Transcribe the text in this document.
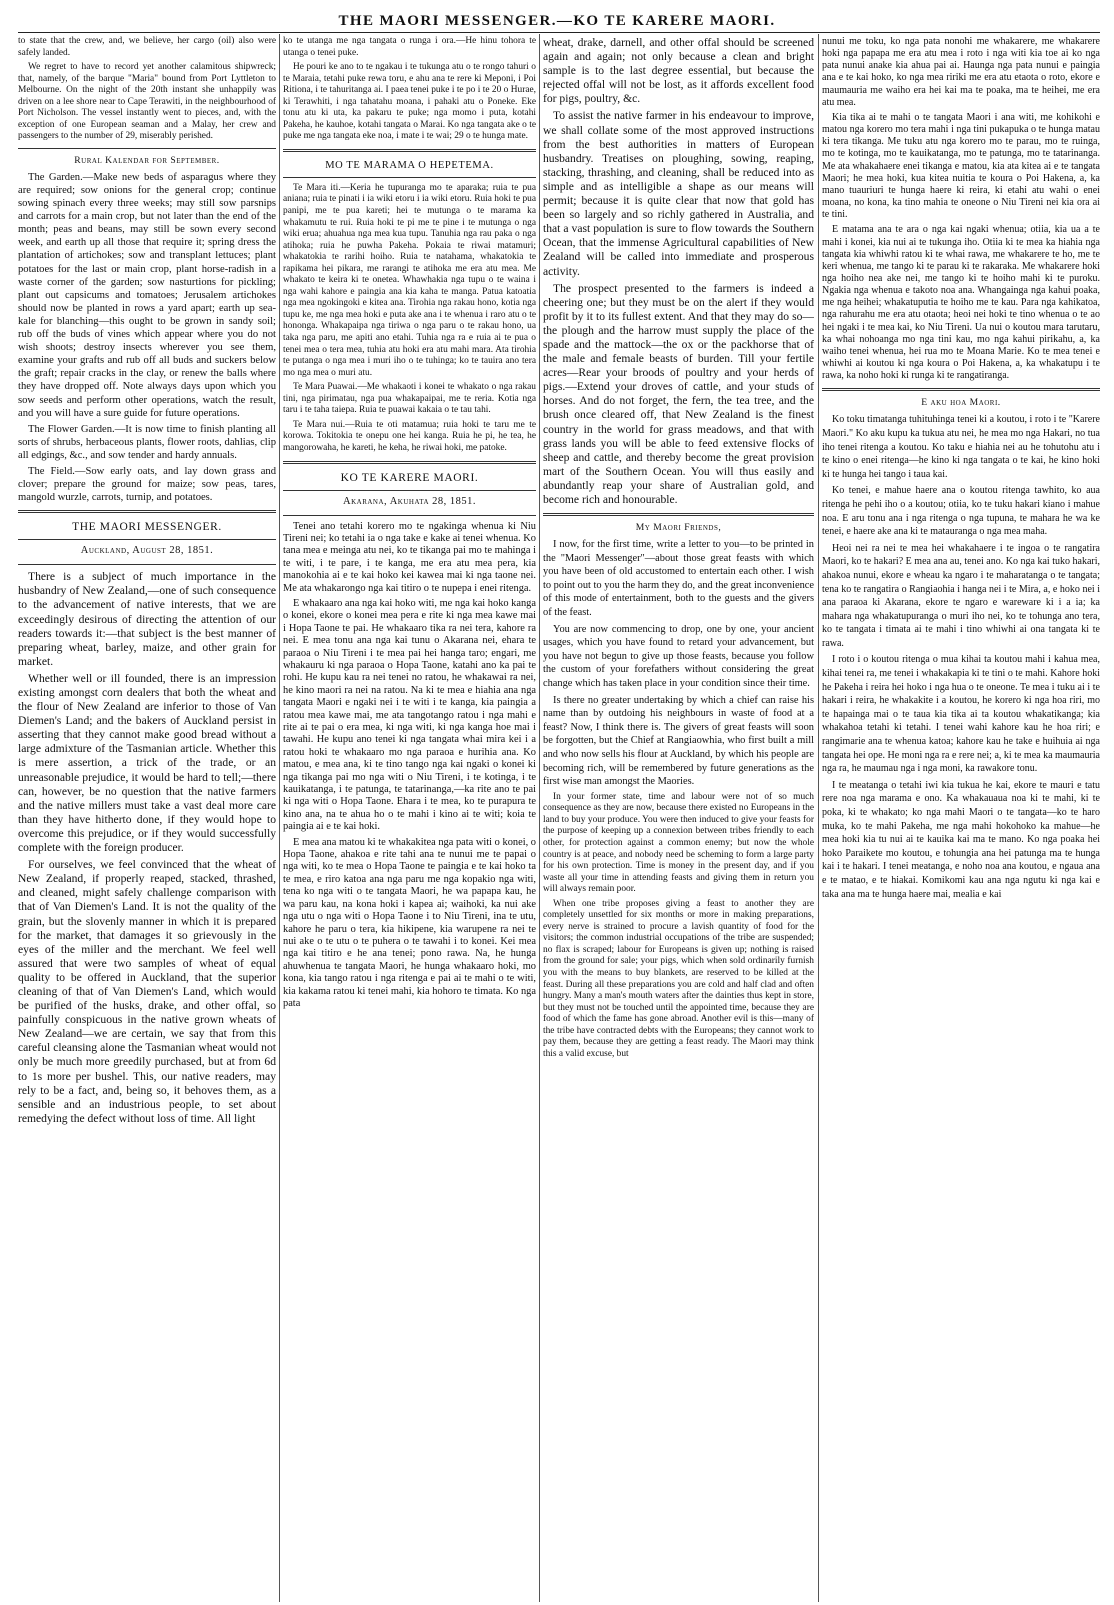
THE MAORI MESSENGER.—KO TE KARERE MAORI.

to state that the crew, and, we believe, her cargo (oil) also were safely landed.

We regret to have to record yet another calamitous shipwreck; that, namely, of the barque "Maria" bound from Port Lyttleton to Melbourne. On the night of the 20th instant she unhappily was driven on a lee shore near to Cape Terawiti, in the neighbourhood of Port Nicholson. The vessel instantly went to pieces, and, with the exception of one European seaman and a Malay, her crew and passengers to the number of 29, miserably perished.

Rural Kalendar for September.

The Garden.—Make new beds of asparagus where they are required; sow onions for the general crop; continue sowing spinach every three weeks; may still sow parsnips and carrots for a main crop, but not later than the end of the month; peas and beans, may still be sown every second week, and earth up all those that require it; spring dress the plantation of artichokes; sow and transplant lettuces; plant potatoes for the last or main crop, plant horse-radish in a waste corner of the garden; sow nasturtions for pickling; plant out capsicums and tomatoes; Jerusalem artichokes should now be planted in rows a yard apart; earth up sea-kale for blanching—this ought to be grown in sandy soil; rub off the buds of vines which appear where you do not wish shoots; destroy insects wherever you see them, examine your grafts and rub off all buds and suckers below the graft; repair cracks in the clay, or renew the balls where they have dropped off. Note always days upon which you sow seeds and perform other operations, watch the result, and you will have a sure guide for future operations.

The Flower Garden.—It is now time to finish planting all sorts of shrubs, herbaceous plants, flower roots, dahlias, clip all edgings, &c., and sow tender and hardy annuals.

The Field.—Sow early oats, and lay down grass and clover; prepare the ground for maize; sow peas, tares, mangold wurzle, carrots, turnip, and potatoes.

THE MAORI MESSENGER.
Auckland, August 28, 1851.

There is a subject of much importance in the husbandry of New Zealand,—one of such consequence to the advancement of native interests, that we are exceedingly desirous of directing the attention of our readers towards it:—that subject is the best manner of preparing wheat, barley, maize, and other grain for market.

Whether well or ill founded, there is an impression existing amongst corn dealers that both the wheat and the flour of New Zealand are inferior to those of Van Diemen's Land; and the bakers of Auckland persist in asserting that they cannot make good bread without a large admixture of the Tasmanian article. Whether this is mere assertion, a trick of the trade, or an unreasonable prejudice, it would be hard to tell;—there can, however, be no question that the native farmers and the native millers must take a vast deal more care than they have hitherto done, if they would hope to overcome this prejudice, or if they would successfully complete with the foreign producer.

For ourselves, we feel convinced that the wheat of New Zealand, if properly reaped, stacked, thrashed, and cleaned, might safely challenge comparison with that of Van Diemen's Land. It is not the quality of the grain, but the slovenly manner in which it is prepared for the market, that damages it so grievously in the eyes of the miller and the merchant. We feel well assured that were two samples of wheat of equal quality to be offered in Auckland, that the superior cleaning of that of Van Diemen's Land, which would be purified of the husks, drake, and other offal, so painfully conspicuous in the native grown wheats of New Zealand—we are certain, we say that from this careful cleansing alone the Tasmanian wheat would not only be much more greedily purchased, but at from 6d to 1s more per bushel. This, our native readers, may rely to be a fact, and, being so, it behoves them, as a sensible and an industrious people, to set about remedying the defect without loss of time. All light

ko te utanga me nga tangata o runga i ora.—He hinu tohora te utanga o tenei puke.

He pouri ke ano to te ngakau i te tukunga atu o te rongo tahuri o te Maraia, tetahi puke rewa toru, e ahu ana te rere ki Meponi, i Poi Ritiona, i te tahuritanga ai. I paea tenei puke i te po i te 20 o Hurae, ki Terawhiti, i nga tahatahu moana, i pahaki atu o Poneke. Eke tonu atu ki uta, ka pakaru te puke; nga momo i puta, kotahi Pakeha, he kauhoe, kotahi tangata o Marai. Ko nga tangata ake o te puke me nga tangata eke noa, i mate i te wai; 29 o te hunga mate.

MO TE MARAMA O HEPETEMA.

Te Mara iti.—Keria he tupuranga mo te aparaka; ruia te pua aniana; ruia te pinati i ia wiki etoru i ia wiki etoru. Ruia hoki te pua panipi, me te pua kareti; hei te mutunga o te marama ka whakamutu te rui. Ruia hoki te pi me te pine i te mutunga o nga wiki erua; ahuahua nga mea kua tupu. Tanuhia nga rau paka o nga atihoka; ruia he puwha Pakeha. Pokaia te riwai matamuri; whakatokia te rarihi hoiho. Ruia te natahama, whakatokia te rapikama hei pikara, me rarangi te atihoka me era atu mea. Me whakato te keira ki te onetea. Whawhakia nga tupu o te waina i nga wahi kahore e paingia ana kia kaha te manga. Patua katoatia nga mea ngokingoki e kitea ana. Tirohia nga rakau hono, kotia nga tupu ke, me nga mea hoki e puta ake ana i te whenua i raro atu o te hononga. Whakapaipa nga tiriwa o nga paru o te rakau hono, ua taka nga paru, me apiti ano etahi. Tuhia nga ra e ruia ai te pua o tenei mea o tera mea, tuhia atu hoki era atu mahi mara. Ata tirohia te putanga o nga mea i muri iho o te tuhinga; ko te tauira ano tera mo nga mea o muri atu.

Te Mara Puawai.—Me whakaoti i konei te whakato o nga rakau tini, nga pirimatau, nga pua whakapaipai, me te reria. Kotia nga taru i te taha taiepa. Ruia te puawai kakaia o te tau tahi.

Te Mara nui.—Ruia te oti matamua; ruia hoki te taru me te korowa. Tokitokia te onepu one hei kanga. Ruia he pi, he tea, he mangorowaha, he kareti, he keha, he riwai hoki, me patoke.

KO TE KARERE MAORI.
Akarana, Akuhata 28, 1851.

Tenei ano tetahi korero mo te ngakinga whenua ki Niu Tireni nei; ko tetahi ia o nga take e kake ai tenei whenua. Ko tana mea e meinga atu nei, ko te tikanga pai mo te mahinga i te witi, i te pare, i te kanga, me era atu mea pera, kia manokohia ai e te kai hoko kei kawea mai ki nga taone nei. Me ata whakarongo nga kai titiro o te nupepa i enei ritenga.

E whakaaro ana nga kai hoko witi, me nga kai hoko kanga o konei, ekore o konei mea pera e rite ki nga mea kawe mai i Hopa Taone te pai. He whakaaro tika ra nei tera, kahore ra nei. E mea tonu ana nga kai tunu o Akarana nei, ehara te paraoa o Niu Tireni i te mea pai hei hanga taro; engari, me whakauru ki nga paraoa o Hopa Taone, katahi ano ka pai te rohi. He kupu kau ra nei tenei no ratou, he whakawai ra nei, he kino maori ra nei na ratou. Na ki te mea e hiahia ana nga tangata Maori e ngaki nei i te witi i te kanga, kia paingia a ratou mea kawe mai, me ata tangotango ratou i nga mahi e rite ai te pai o era mea, ki nga witi, ki nga kanga hoe mai i tawahi. He kupu ano tenei ki nga tangata whai mira kei i a ratou hoki te whakaaro mo nga paraoa e hurihia ana. Ko matou, e mea ana, ki te tino tango nga kai ngaki o konei ki nga tikanga pai mo nga witi o Niu Tireni, i te kotinga, i te kauikatanga, i te patunga, te tatarinanga,—ka rite ano te pai ki nga witi o Hopa Taone. Ehara i te mea, ko te purapura te kino ana, na te ahua ho o te mahi i kino ai te witi; koia te paingia ai e te kai hoki.

E mea ana matou ki te whakakitea nga pata witi o konei, o Hopa Taone, ahakoa e rite tahi ana te nunui me te papai o nga witi, ko te mea o Hopa Taone te paingia e te kai hoko ta te mea, e riro katoa ana nga paru me nga kopakio nga witi, tena ko nga witi o te tangata Maori, he wa papapa kau, he wa paru kau, na kona hoki i kapea ai; waihoki, ka nui ake nga utu o nga witi o Hopa Taone i to Niu Tireni, ina te utu, kahore he paru o tera, kia hikipene, kia warupene ra nei te nui ake o te utu o te puhera o te tawahi i to konei. Kei mea nga kai titiro e he ana tenei; pono rawa. Na, he hunga ahuwhenua te tangata Maori, he hunga whakaaro hoki, mo kona, kia tango ratou i nga ritenga e pai ai te mahi o te witi, kia kakama ratou ki tenei mahi, kia hohoro te timata. Ko nga pata

wheat, drake, darnell, and other offal should be screened again and again; not only because a clean and bright sample is to the last degree essential, but because the rejected offal will not be lost, as it affords excellent food for pigs, poultry, &c.

To assist the native farmer in his endeavour to improve, we shall collate some of the most approved instructions from the best authorities in matters of European husbandry. Treatises on ploughing, sowing, reaping, stacking, thrashing, and cleaning, shall be reduced into as simple and as intelligible a shape as our means will permit; because it is quite clear that now that gold has been so largely and so richly gathered in Australia, and that a vast population is sure to flow towards the Southern Ocean, that the immense Agricultural capabilities of New Zealand will be called into immediate and prosperous activity.

The prospect presented to the farmers is indeed a cheering one; but they must be on the alert if they would profit by it to its fullest extent. And that they may do so—the plough and the harrow must supply the place of the spade and the mattock—the ox or the packhorse that of the male and female beasts of burden. Till your fertile acres—Rear your broods of poultry and your herds of pigs.—Extend your droves of cattle, and your studs of horses. And do not forget, the fern, the tea tree, and the brush once cleared off, that New Zealand is the finest country in the world for grass meadows, and that with grass lands you will be able to feed extensive flocks of sheep and cattle, and thereby become the great provision mart of the Southern Ocean. You will thus easily and abundantly reap your share of Australian gold, and become rich and honourable.

My Maori Friends,

I now, for the first time, write a letter to you—to be printed in the "Maori Messenger"—about those great feasts with which you have been of old accustomed to entertain each other. I wish to point out to you the harm they do, and the great inconvenience of this mode of entertainment, both to the guests and the givers of the feast.

You are now commencing to drop, one by one, your ancient usages, which you have found to retard your advancement, but you have not begun to give up those feasts, because you follow the custom of your forefathers without considering the great change which has taken place in your condition since their time.

Is there no greater undertaking by which a chief can raise his name than by outdoing his neighbours in waste of food at a feast? Now, I think there is. The givers of great feasts will soon be forgotten, but the Chief at Rangiaowhia, who first built a mill and who now sells his flour at Auckland, by which his people are becoming rich, will be remembered by future generations as the first wise man amongst the Maories.

In your former state, time and labour were not of so much consequence as they are now, because there existed no Europeans in the land to buy your produce. You were then induced to give your feasts for the purpose of keeping up a connexion between tribes friendly to each other, for protection against a common enemy; but now the whole country is at peace, and nobody need be scheming to form a large party for his own protection. Time is money in the present day, and if you waste all your time in attending feasts and giving them in return you will always remain poor.

When one tribe proposes giving a feast to another they are completely unsettled for six months or more in making preparations, every nerve is strained to procure a lavish quantity of food for the visitors; the common industrial occupations of the tribe are suspended; no flax is scraped; labour for Europeans is given up; nothing is raised from the ground for sale; your pigs, which when sold ordinarily furnish you with the means to buy blankets, are reserved to be killed at the feast. During all these preparations you are cold and half clad and often hungry. Many a man's mouth waters after the dainties thus kept in store, but they must not be touched until the appointed time, because they are food of which the fame has gone abroad. Another evil is this—many of the tribe have contracted debts with the Europeans; they cannot work to pay them, because they are getting a feast ready. The Maori may think this a valid excuse, but

nunui me toku, ko nga pata nonohi me whakarere, me whakarere hoki nga papapa me era atu mea i roto i nga witi kia toe ai ko nga pata nunui anake kia ahua pai ai. Haunga nga pata nunui e paingia ana e te kai hoko, ko nga mea ririki me era atu etaota o roto, ekore e maumauria me waiho era hei kai ma te poaka, ma te heihei, me era atu mea.

Kia tika ai te mahi o te tangata Maori i ana witi, me kohikohi e matou nga korero mo tera mahi i nga tini pukapuka o te hunga matau ki tera tikanga. Me tuku atu nga korero mo te parau, mo te ruinga, mo te kotinga, mo te kauikatanga, mo te patunga, mo te tatarinanga. Me ata whakahaere enei tikanga e matou, kia ata kitea ai e te tangata Maori; he mea hoki, kua kitea nuitia te koura o Poi Hakena, a, ka mano tuauriuri te hunga haere ki reira, ki etahi atu wahi o enei moana, no kona, ka tino mahia te oneone o Niu Tireni nei kia ora ai te tini.

E matama ana te ara o nga kai ngaki whenua; otiia, kia ua a te mahi i konei, kia nui ai te tukunga iho. Otiia ki te mea ka hiahia nga tangata kia whiwhi ratou ki te whai rawa, me whakarere te ho, me te keri whenua, me tango ki te parau ki te rakaraka. Me whakarere hoki nga hoiho nea ake nei, me tango ki te hoiho mahi ki te puroku. Ngakia nga whenua e takoto noa ana. Whangainga nga kahui poaka, me nga heihei; whakatuputia te hoiho me te kau. Para nga kahikatoa, nga rahurahu me era atu otaota; heoi nei hoki te tino whenua o te ao hei ngaki i te mea kai, ko Niu Tireni. Ua nui o koutou mara tarutaru, ka whai nohoanga mo nga tini kau, mo nga kahui pirikahu, a, ka waiho tenei whenua, hei rua mo te Moana Marie. Ko te mea tenei e whiwhi ai koutou ki nga koura o Poi Hakena, a, ka whakatupu i te rawa, ka noho hoki ki runga ki te rangatiranga.

E aku hoa Maori.

Ko toku timatanga tuhituhinga tenei ki a koutou, i roto i te "Karere Maori." Ko aku kupu ka tukua atu nei, he mea mo nga Hakari, no tua iho tenei ritenga a koutou. Ko taku e hiahia nei au he tohutohu atu i te kino o enei ritenga—he kino ki nga tangata o te kai, he kino hoki ki te hunga hei tango i taua kai.

Ko tenei, e mahue haere ana o koutou ritenga tawhito, ko aua ritenga he pehi iho o a koutou; otiia, ko te tuku hakari kiano i mahue noa. E aru tonu ana i nga ritenga o nga tupuna, te mahara he wa ke tenei, e haere ake ana ki te matauranga o nga mea maha.

Heoi nei ra nei te mea hei whakahaere i te ingoa o te rangatira Maori, ko te hakari? E mea ana au, tenei ano. Ko nga kai tuko hakari, ahakoa nunui, ekore e wheau ka ngaro i te maharatanga o te tangata; tena ko te rangatira o Rangiaohia i hanga nei i te Mira, a, e hoko nei i ana paraoa ki Akarana, ekore te ngaro e wareware ki i a ia; ka mahara nga whakatupuranga o muri iho nei, ko te tohunga ano tera, ko te tangata i timata ai te mahi i tino whiwhi ai ona tangata ki te rawa.

I roto i o koutou ritenga o mua kihai ta koutou mahi i kahua mea, kihai tenei ra, me tenei i whakakapia ki te tini o te mahi. Kahore hoki he Pakeha i reira hei hoko i nga hua o te oneone. Te mea i tuku ai i te hakari i reira, he whakakite i a koutou, he korero ki nga hoa riri, mo te hapainga mai o te taua kia tika ai ta koutou whakatikanga; kia whakahoa tetahi ki tetahi. I tenei wahi kahore kau he hoa riri; e rangimarie ana te whenua katoa; kahore kau he take e huihuia ai nga tangata hei ope. He moni nga ra e rere nei; a, ki te mea ka maumauria nga ra, he maumau nga i nga moni, ka rawakore tonu.

I te meatanga o tetahi iwi kia tukua he kai, ekore te mauri e tatu rere noa nga marama e ono. Ka whakauaua noa ki te mahi, ki te poka, ki te whakato; ko nga mahi Maori o te tangata—ko te haro muka, ko te mahi Pakeha, me nga mahi hokohoko ka mahue—he mea hoki kia tu nui ai te kauika kai ma te mano. Ko nga poaka hei hoko Paraikete mo koutou, e tohungia ana hei patunga ma te hunga kai i te hakari. I tenei meatanga, e noho noa ana koutou, e ngaua ana e te matao, e te hiakai. Komikomi kau ana nga ngutu ki nga kai e taka ana ma te hunga haere mai, mealia e kai
